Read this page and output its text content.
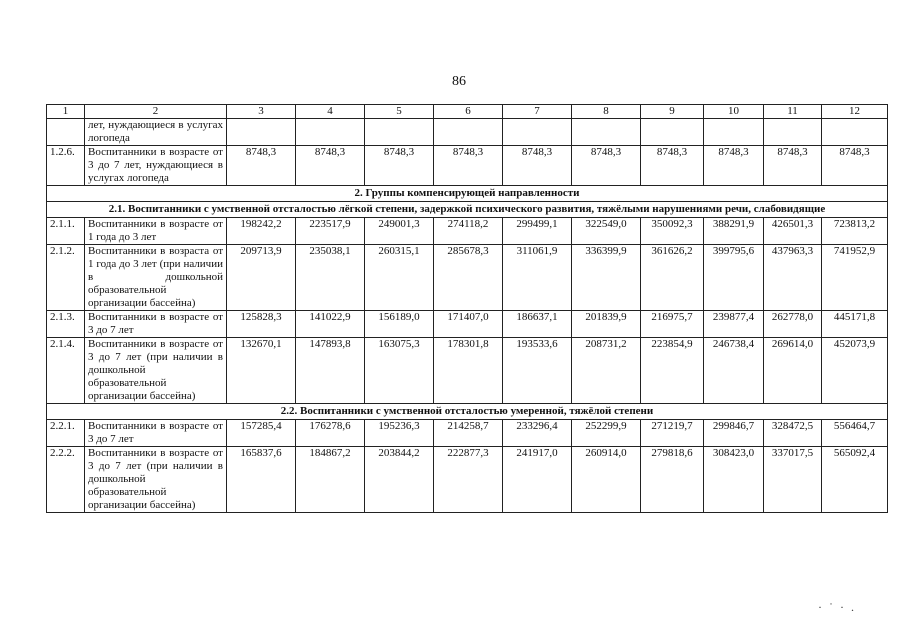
86
1	2	3	4	5	6	7	8	9	10	11	12
	лет, нуждающиеся в услугах логопеда										
1.2.6.	Воспитанники в возрасте от 3 до 7 лет, нуждающиеся в услугах логопеда	8748,3	8748,3	8748,3	8748,3	8748,3	8748,3	8748,3	8748,3	8748,3	8748,3
2. Группы компенсирующей направленности											
2.1. Воспитанники с умственной отсталостью лёгкой степени, задержкой психического развития, тяжёлыми нарушениями речи, слабовидящие											
2.1.1.	Воспитанники в возрасте от 1 года до 3 лет	198242,2	223517,9	249001,3	274118,2	299499,1	322549,0	350092,3	388291,9	426501,3	723813,2
2.1.2.	Воспитанники в возраста от 1 года до 3 лет (при наличии в дошкольной образовательной организации бассейна)	209713,9	235038,1	260315,1	285678,3	311061,9	336399,9	361626,2	399795,6	437963,3	741952,9
2.1.3.	Воспитанники в возрасте от 3 до 7 лет	125828,3	141022,9	156189,0	171407,0	186637,1	201839,9	216975,7	239877,4	262778,0	445171,8
2.1.4.	Воспитанники в возрасте от 3 до 7 лет (при наличии в дошкольной образовательной организации бассейна)	132670,1	147893,8	163075,3	178301,8	193533,6	208731,2	223854,9	246738,4	269614,0	452073,9
2.2. Воспитанники с умственной отсталостью умеренной, тяжёлой степени											
2.2.1.	Воспитанники в возрасте от 3 до 7 лет	157285,4	176278,6	195236,3	214258,7	233296,4	252299,9	271219,7	299846,7	328472,5	556464,7
2.2.2.	Воспитанники в возрасте от 3 до 7 лет (при наличии в дошкольной образовательной организации бассейна)	165837,6	184867,2	203844,2	222877,3	241917,0	260914,0	279818,6	308423,0	337017,5	565092,4
· ˙ · .
